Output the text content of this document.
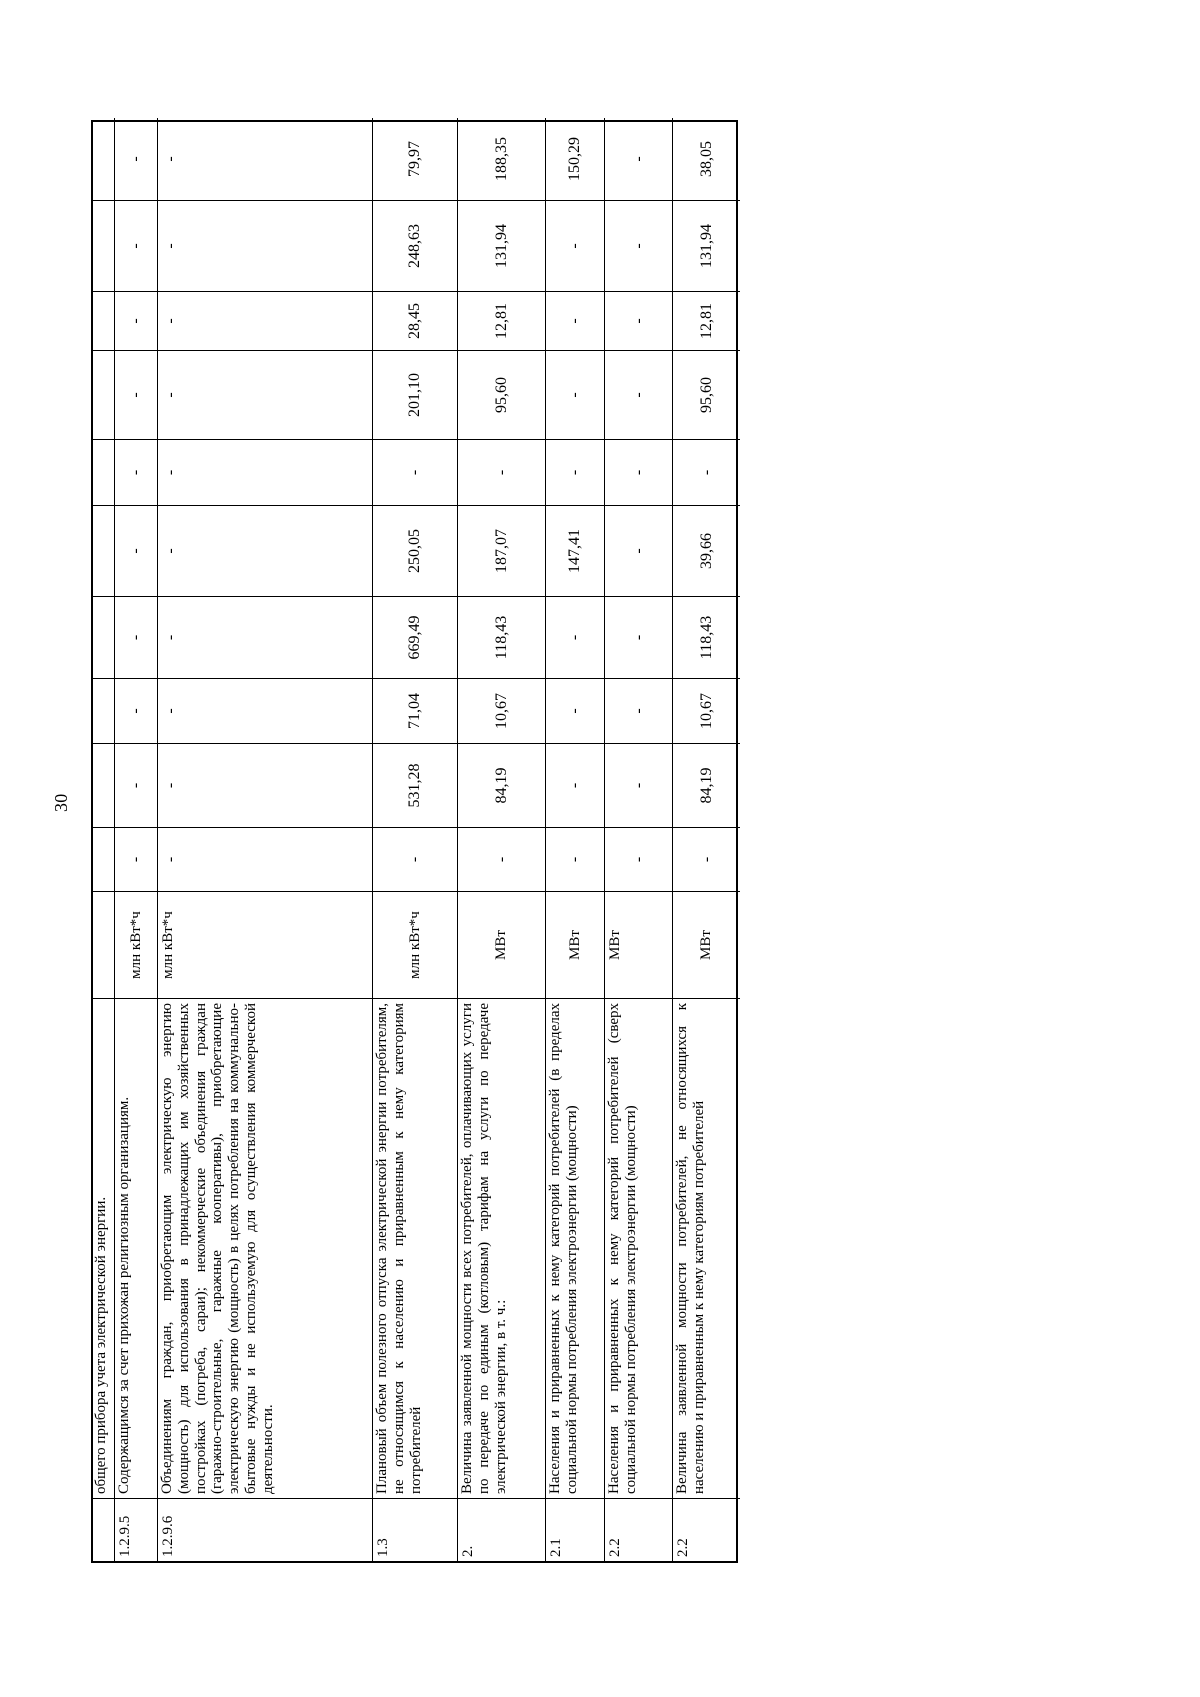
30
общего прибора учета электрической энергии.
1.2.9.5
Содержащимся за счет прихожан религиозным организациям.
млн кВт*ч
-
-
-
-
-
-
-
-
-
-
1.2.9.6
Объединениям граждан, приобретающим электрическую энергию (мощность) для использования в принадлежащих им хозяйственных постройках (погреба, сараи); некоммерческие объединения граждан (гаражно-строительные, гаражные кооперативы), приобретающие электрическую энергию (мощность) в целях потребления на коммунально-бытовые нужды и не используемую для осуществления коммерческой деятельности.
млн кВт*ч
-
-
-
-
-
-
-
-
-
-
1.3
Плановый объем полезного отпуска электрической энергии потребителям, не относящимся к населению и приравненным к нему категориям потребителей
млн кВт*ч
-
531,28
71,04
669,49
250,05
-
201,10
28,45
248,63
79,97
2.
Величина заявленной мощности всех потребителей, оплачивающих услуги по передаче по единым (котловым) тарифам на услуги по передаче электрической энергии, в т. ч.:
МВт
-
84,19
10,67
118,43
187,07
-
95,60
12,81
131,94
188,35
2.1
Населения и приравненных к нему категорий потребителей (в пределах социальной нормы потребления электроэнергии (мощности)
МВт
-
-
-
-
147,41
-
-
-
-
150,29
2.2
Населения и приравненных к нему категорий потребителей (сверх социальной нормы потребления электроэнергии (мощности)
МВт
-
-
-
-
-
-
-
-
-
-
2.2
Величина заявленной мощности потребителей, не относящихся к населению и приравненным к нему категориям потребителей
МВт
-
84,19
10,67
118,43
39,66
-
95,60
12,81
131,94
38,05
